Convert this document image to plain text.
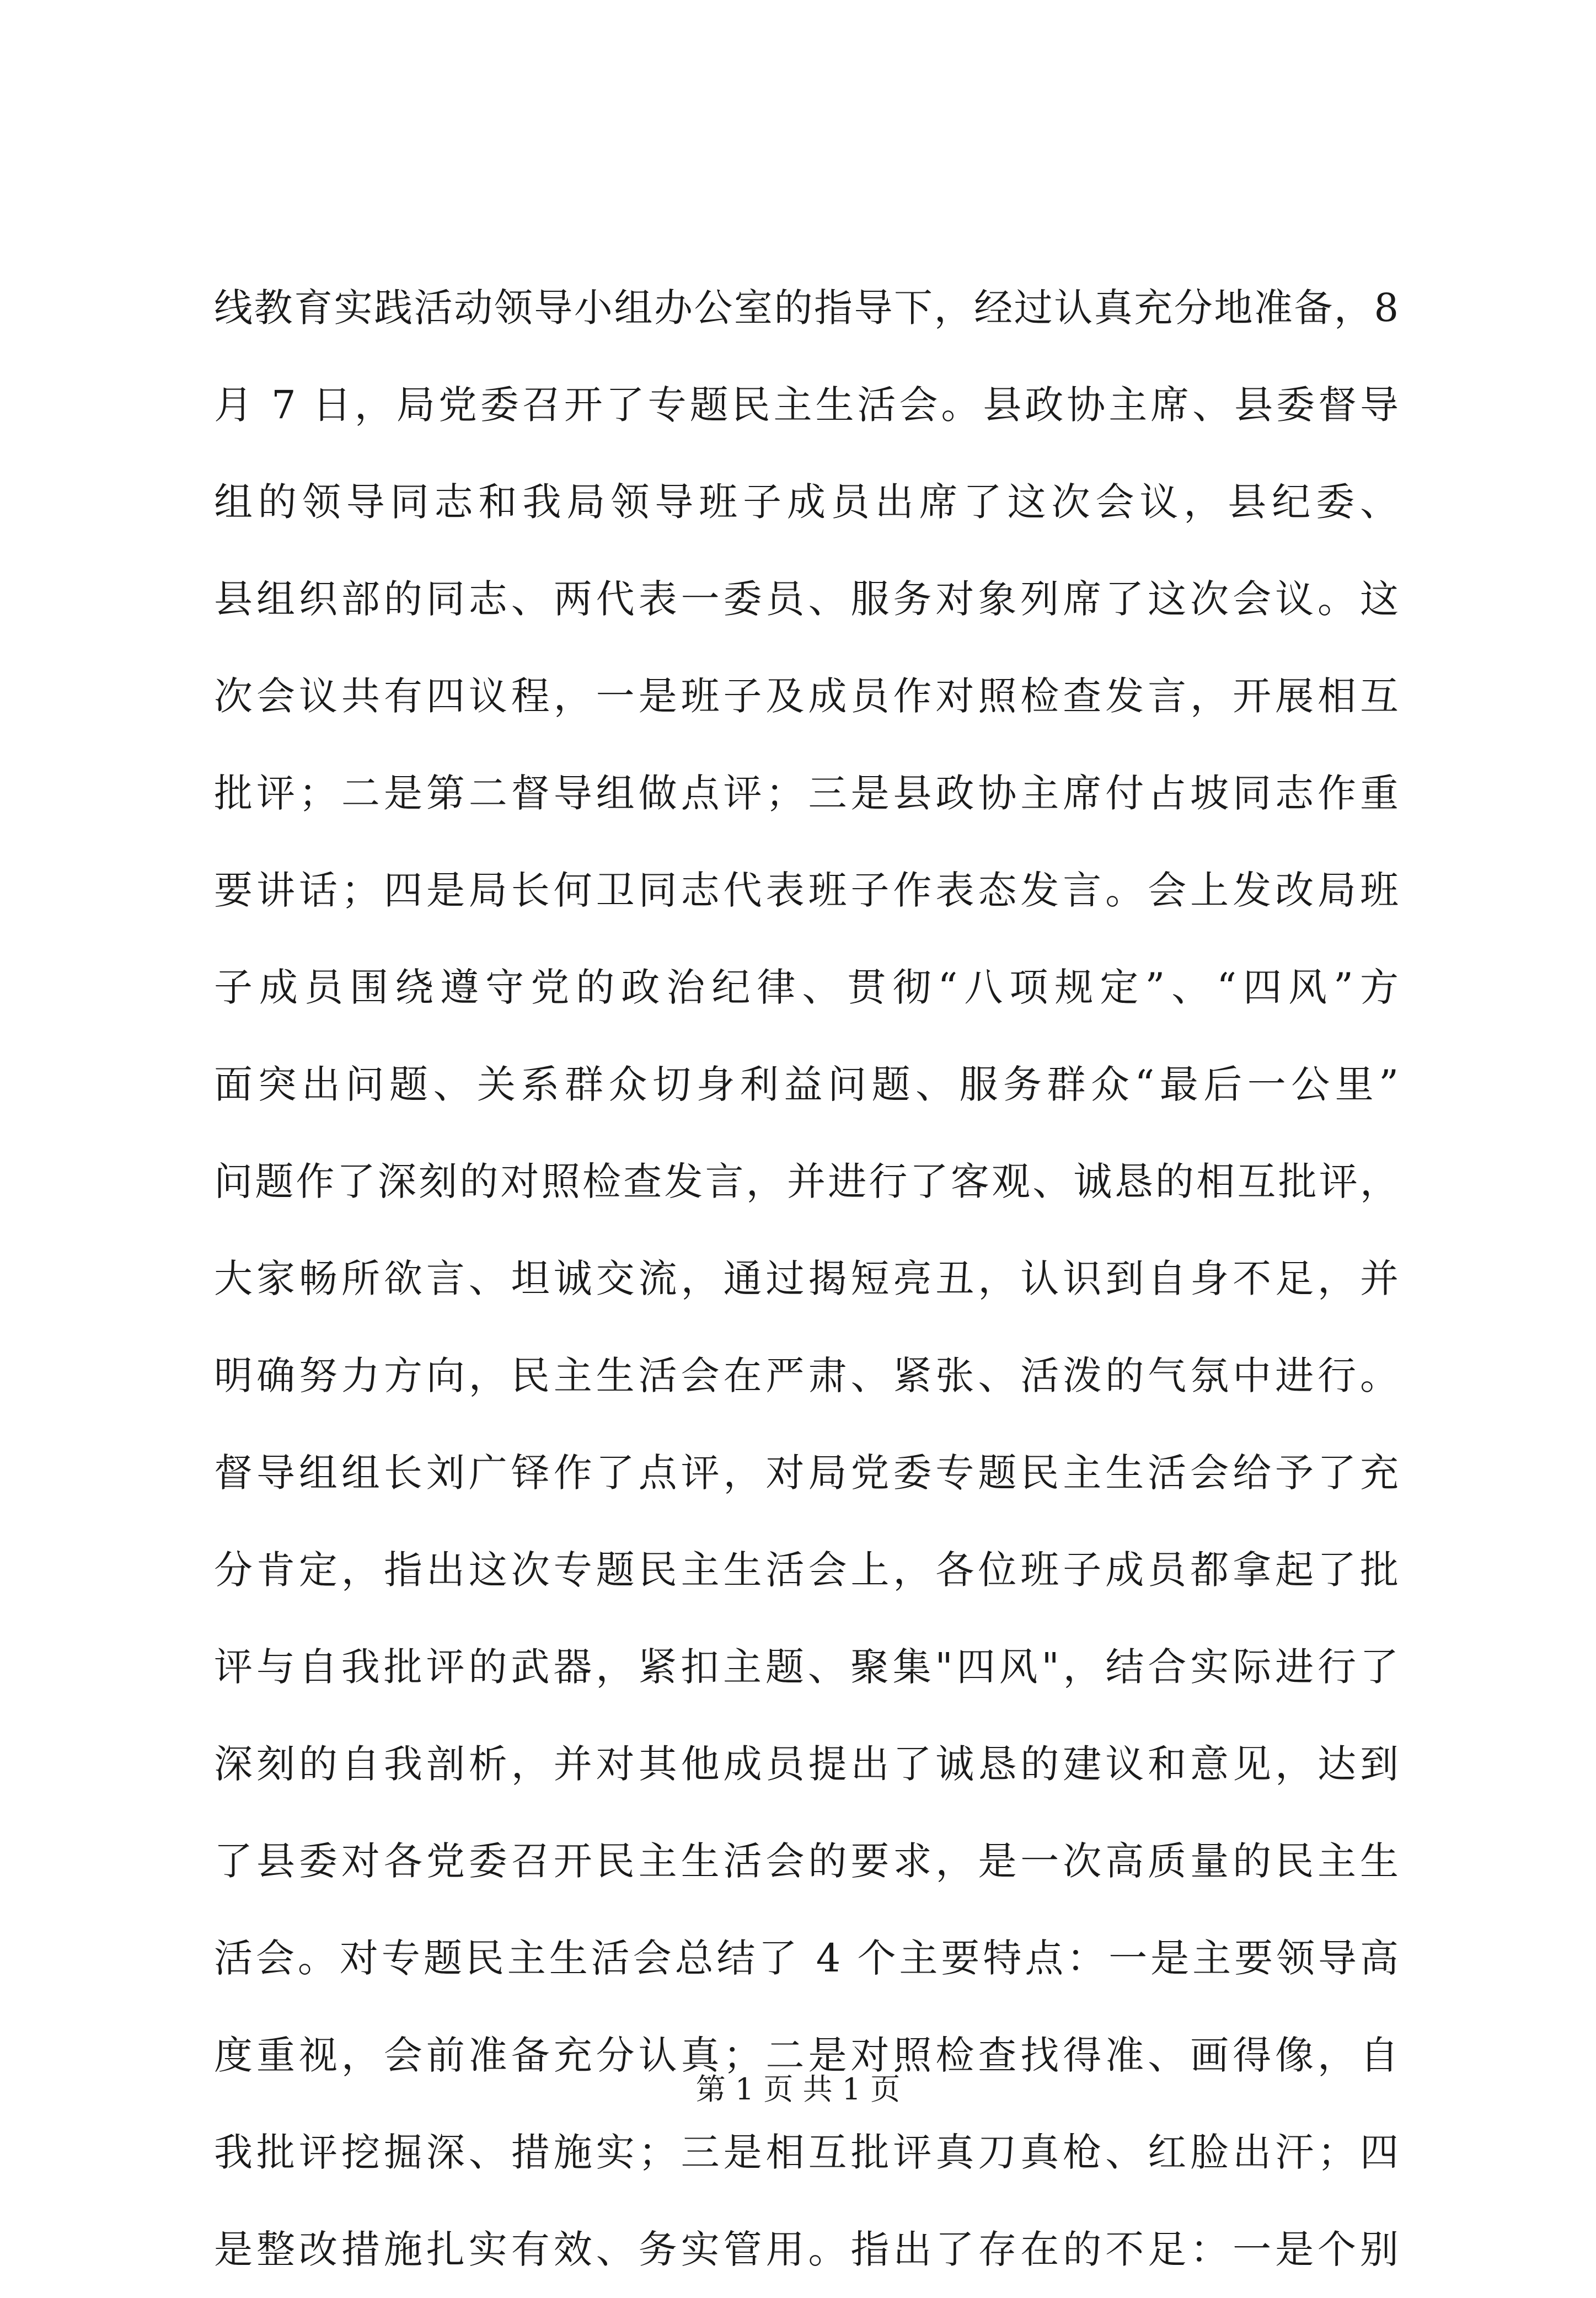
线教育实践活动领导小组办公室的指导下，经过认真充分地准备，8
月 7 日，局党委召开了专题民主生活会。县政协主席、县委督导
组的领导同志和我局领导班子成员出席了这次会议，县纪委、
县组织部的同志、两代表一委员、服务对象列席了这次会议。这
次会议共有四议程，一是班子及成员作对照检查发言，开展相互
批评；二是第二督导组做点评；三是县政协主席付占坡同志作重
要讲话；四是局长何卫同志代表班子作表态发言。会上发改局班
子成员围绕遵守党的政治纪律、贯彻“八项规定”、“四风”方
面突出问题、关系群众切身利益问题、服务群众“最后一公里”
问题作了深刻的对照检查发言，并进行了客观、诚恳的相互批评，
大家畅所欲言、坦诚交流，通过揭短亮丑，认识到自身不足，并
明确努力方向，民主生活会在严肃、紧张、活泼的气氛中进行。
督导组组长刘广铎作了点评，对局党委专题民主生活会给予了充
分肯定，指出这次专题民主生活会上，各位班子成员都拿起了批
评与自我批评的武器，紧扣主题、聚集"四风"，结合实际进行了
深刻的自我剖析，并对其他成员提出了诚恳的建议和意见，达到
了县委对各党委召开民主生活会的要求，是一次高质量的民主生
活会。对专题民主生活会总结了 4 个主要特点：一是主要领导高
度重视，会前准备充分认真；二是对照检查找得准、画得像，自
我批评挖掘深、措施实；三是相互批评真刀真枪、红脸出汗；四
是整改措施扎实有效、务实管用。指出了存在的不足：一是个别
第 1 页 共 1 页
